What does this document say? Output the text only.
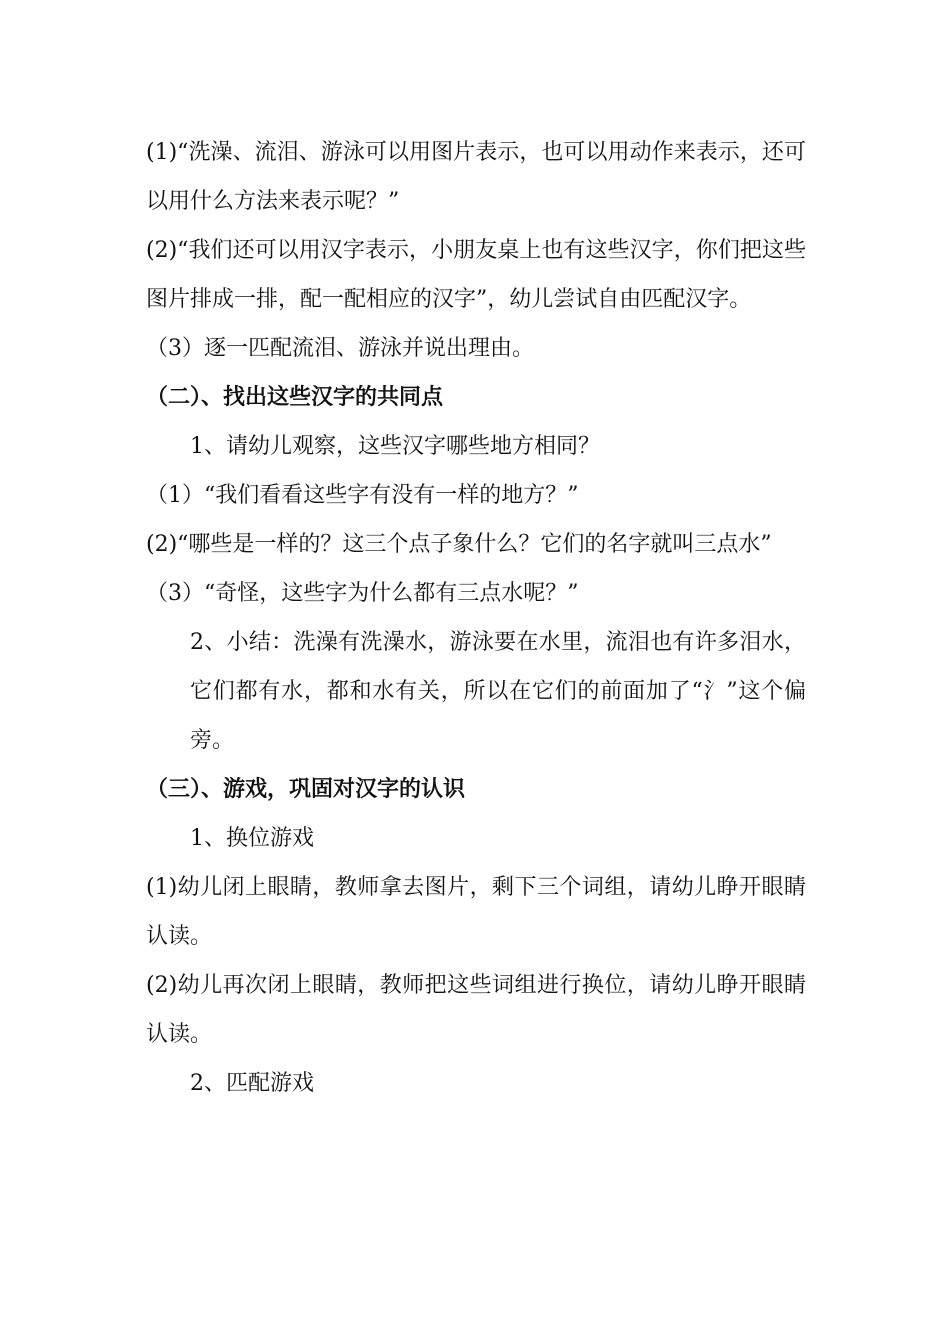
(1)“洗澡、流泪、游泳可以用图片表示，也可以用动作来表示，还可以用什么方法来表示呢？”

(2)“我们还可以用汉字表示，小朋友桌上也有这些汉字，你们把这些图片排成一排，配一配相应的汉字”，幼儿尝试自由匹配汉字。

（3）逐一匹配流泪、游泳并说出理由。

（二）、找出这些汉字的共同点

1、请幼儿观察，这些汉字哪些地方相同？

（1）“我们看看这些字有没有一样的地方？”

(2)“哪些是一样的？这三个点子象什么？它们的名字就叫三点水”

（3）“奇怪，这些字为什么都有三点水呢？”

2、小结：洗澡有洗澡水，游泳要在水里，流泪也有许多泪水，它们都有水，都和水有关，所以在它们的前面加了“氵”这个偏旁。

（三）、游戏，巩固对汉字的认识

1、换位游戏

(1)幼儿闭上眼睛，教师拿去图片，剩下三个词组，请幼儿睁开眼睛认读。

(2)幼儿再次闭上眼睛，教师把这些词组进行换位，请幼儿睁开眼睛认读。

2、匹配游戏
